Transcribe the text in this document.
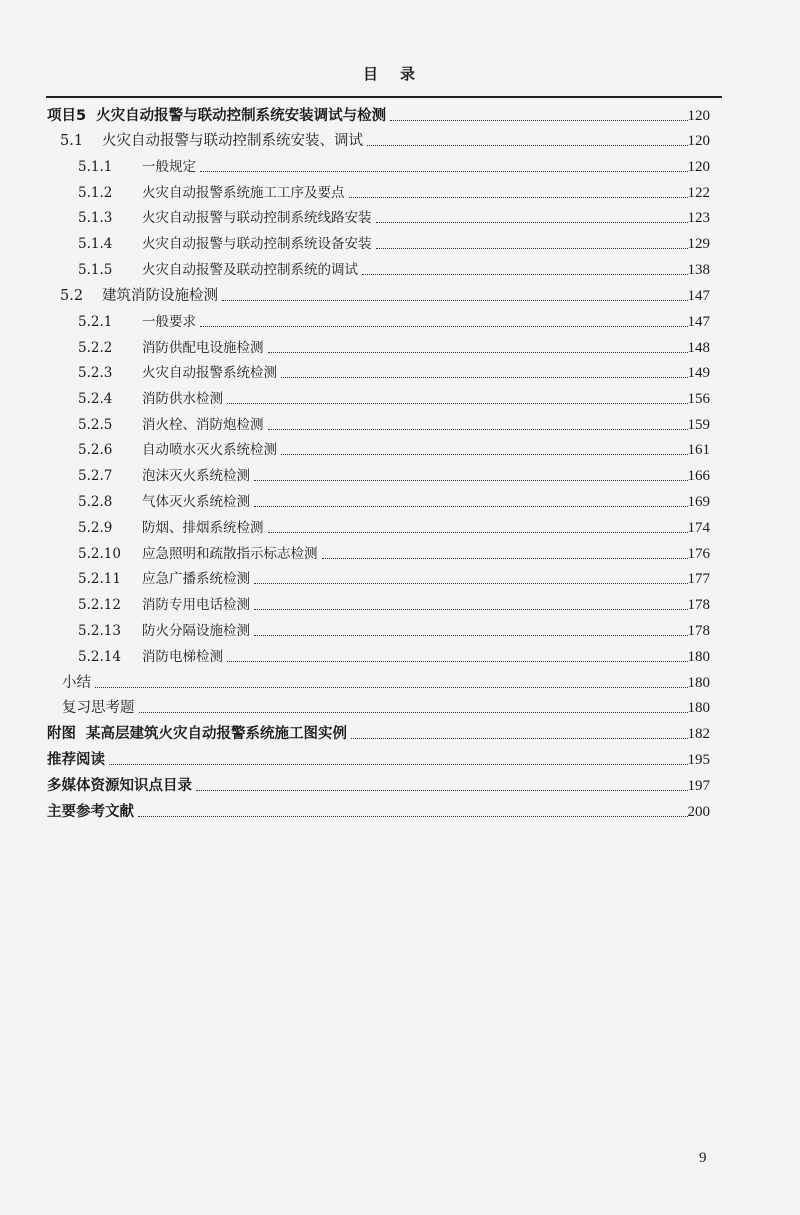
目录
项目5 火灾自动报警与联动控制系统安装调试与检测	120
5.1 火灾自动报警与联动控制系统安装、调试	120
5.1.1 一般规定	120
5.1.2 火灾自动报警系统施工工序及要点	122
5.1.3 火灾自动报警与联动控制系统线路安装	123
5.1.4 火灾自动报警与联动控制系统设备安装	129
5.1.5 火灾自动报警及联动控制系统的调试	138
5.2 建筑消防设施检测	147
5.2.1 一般要求	147
5.2.2 消防供配电设施检测	148
5.2.3 火灾自动报警系统检测	149
5.2.4 消防供水检测	156
5.2.5 消火栓、消防炮检测	159
5.2.6 自动喷水灭火系统检测	161
5.2.7 泡沫灭火系统检测	166
5.2.8 气体灭火系统检测	169
5.2.9 防烟、排烟系统检测	174
5.2.10 应急照明和疏散指示标志检测	176
5.2.11 应急广播系统检测	177
5.2.12 消防专用电话检测	178
5.2.13 防火分隔设施检测	178
5.2.14 消防电梯检测	180
小结	180
复习思考题	180
附图 某高层建筑火灾自动报警系统施工图实例	182
推荐阅读	195
多媒体资源知识点目录	197
主要参考文献	200
9
